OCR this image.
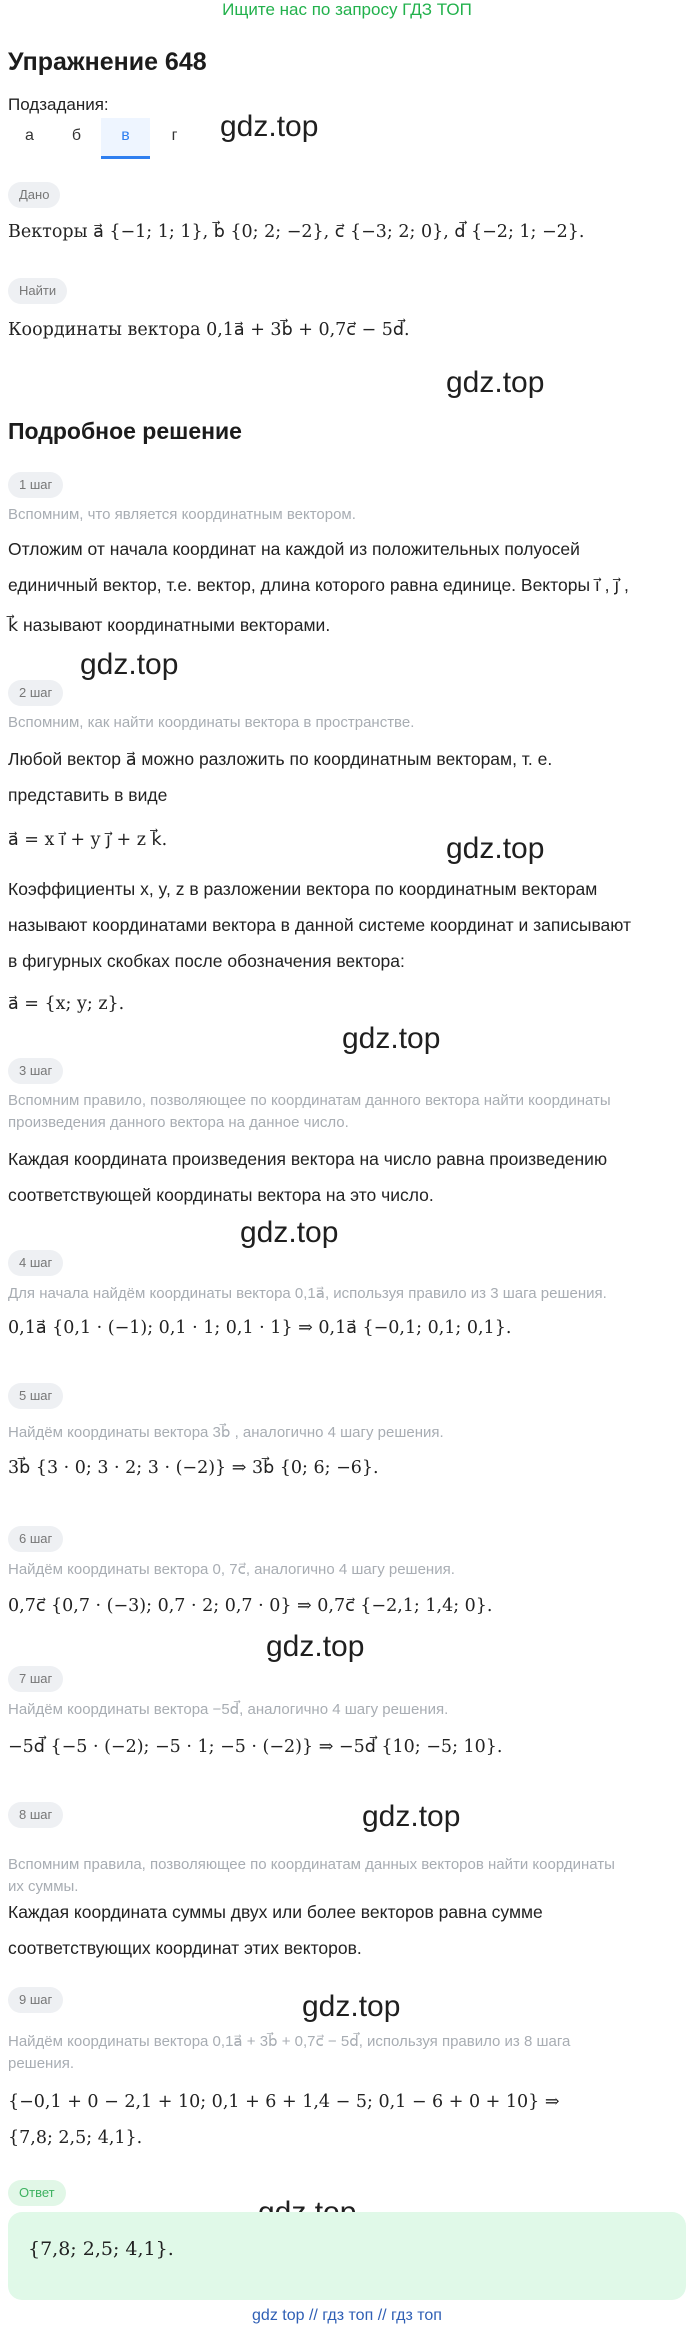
Ищите нас по запросу ГДЗ ТОП
Упражнение 648
Подзадания:
а	б	в	г	gdz.top
gdz.top
gdz.top
gdz.top
gdz.top
gdz.top
gdz.top
gdz.top
gdz.top
Дано
Векторы a⃗ {−1; 1; 1}, b⃗ {0; 2; −2}, c⃗ {−3; 2; 0}, d⃗ {−2; 1; −2}.
Найти
Координаты вектора 0,1a⃗ + 3b⃗ + 0,7c⃗ − 5d⃗.
Подробное решение
1 шаг
Вспомним, что является координатным вектором.
Отложим от начала координат на каждой из положительных полуосей
единичный вектор, т.е. вектор, длина которого равна единице. Векторы i⃗ , j⃗ ,
k⃗ называют координатными векторами.
2 шаг
Вспомним, как найти координаты вектора в пространстве.
Любой вектор a⃗ можно разложить по координатным векторам, т. е.
представить в виде
a⃗ = x i⃗ + y j⃗ + z k⃗.
Коэффициенты x, y, z в разложении вектора по координатным векторам
называют координатами вектора в данной системе координат и записывают
в фигурных скобках после обозначения вектора:
a⃗ = {x; y; z}.
3 шаг
Вспомним правило, позволяющее по координатам данного вектора найти координаты
произведения данного вектора на данное число.
Каждая координата произведения вектора на число равна произведению
соответствующей координаты вектора на это число.
4 шаг
Для начала найдём координаты вектора 0,1a⃗, используя правило из 3 шага решения.
0,1a⃗ {0,1 · (−1); 0,1 · 1; 0,1 · 1} ⇒ 0,1a⃗ {−0,1; 0,1; 0,1}.
5 шаг
Найдём координаты вектора 3b⃗ , аналогично 4 шагу решения.
3b⃗ {3 · 0; 3 · 2; 3 · (−2)} ⇒ 3b⃗ {0; 6; −6}.
6 шаг
Найдём координаты вектора 0, 7c⃗, аналогично 4 шагу решения.
0,7c⃗ {0,7 · (−3); 0,7 · 2; 0,7 · 0} ⇒ 0,7c⃗ {−2,1; 1,4; 0}.
7 шаг
Найдём координаты вектора −5d⃗, аналогично 4 шагу решения.
−5d⃗ {−5 · (−2); −5 · 1; −5 · (−2)} ⇒ −5d⃗ {10; −5; 10}.
8 шаг
Вспомним правила, позволяющее по координатам данных векторов найти координаты
их суммы.
Каждая координата суммы двух или более векторов равна сумме
соответствующих координат этих векторов.
9 шаг
Найдём координаты вектора 0,1a⃗ + 3b⃗ + 0,7c⃗ − 5d⃗, используя правило из 8 шага
решения.
{−0,1 + 0 − 2,1 + 10; 0,1 + 6 + 1,4 − 5; 0,1 − 6 + 0 + 10} ⇒
{7,8; 2,5; 4,1}.
Ответ
{7,8; 2,5; 4,1}.
gdz top // гдз топ // гдз топ
